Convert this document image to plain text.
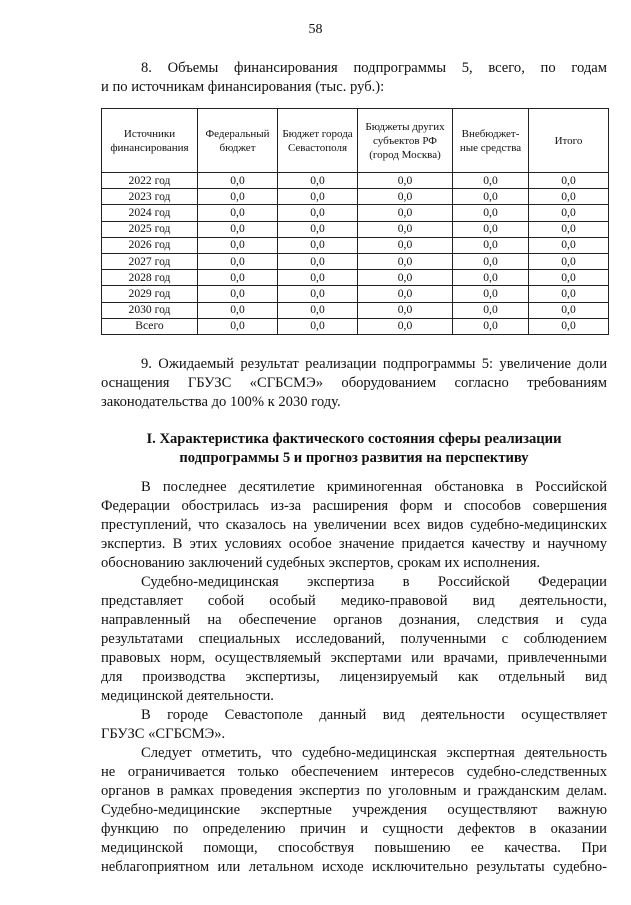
58
8. Объемы финансирования подпрограммы 5, всего, по годам
и по источникам финансирования (тыс. руб.):
Источники финансирования	Федеральный бюджет	Бюджет города Севастополя	Бюджеты других субъектов РФ (город Москва)	Внебюджет-ные средства	Итого
2022 год	0,0	0,0	0,0	0,0	0,0
2023 год	0,0	0,0	0,0	0,0	0,0
2024 год	0,0	0,0	0,0	0,0	0,0
2025 год	0,0	0,0	0,0	0,0	0,0
2026 год	0,0	0,0	0,0	0,0	0,0
2027 год	0,0	0,0	0,0	0,0	0,0
2028 год	0,0	0,0	0,0	0,0	0,0
2029 год	0,0	0,0	0,0	0,0	0,0
2030 год	0,0	0,0	0,0	0,0	0,0
Всего	0,0	0,0	0,0	0,0	0,0
9. Ожидаемый результат реализации подпрограммы 5: увеличение доли
оснащения ГБУЗС «СГБСМЭ» оборудованием согласно требованиям
законодательства до 100% к 2030 году.
I. Характеристика фактического состояния сферы реализации
подпрограммы 5 и прогноз развития на перспективу
В последнее десятилетие криминогенная обстановка в Российской
Федерации обострилась из-за расширения форм и способов совершения
преступлений, что сказалось на увеличении всех видов судебно-медицинских
экспертиз. В этих условиях особое значение придается качеству и научному
обоснованию заключений судебных экспертов, срокам их исполнения.
Судебно-медицинская экспертиза в Российской Федерации
представляет собой особый медико-правовой вид деятельности,
направленный на обеспечение органов дознания, следствия и суда
результатами специальных исследований, полученными с соблюдением
правовых норм, осуществляемый экспертами или врачами, привлеченными
для производства экспертизы, лицензируемый как отдельный вид
медицинской деятельности.
В городе Севастополе данный вид деятельности осуществляет
ГБУЗС «СГБСМЭ».
Следует отметить, что судебно-медицинская экспертная деятельность
не ограничивается только обеспечением интересов судебно-следственных
органов в рамках проведения экспертиз по уголовным и гражданским делам.
Судебно-медицинские экспертные учреждения осуществляют важную
функцию по определению причин и сущности дефектов в оказании
медицинской помощи, способствуя повышению ее качества. При
неблагоприятном или летальном исходе исключительно результаты судебно-
